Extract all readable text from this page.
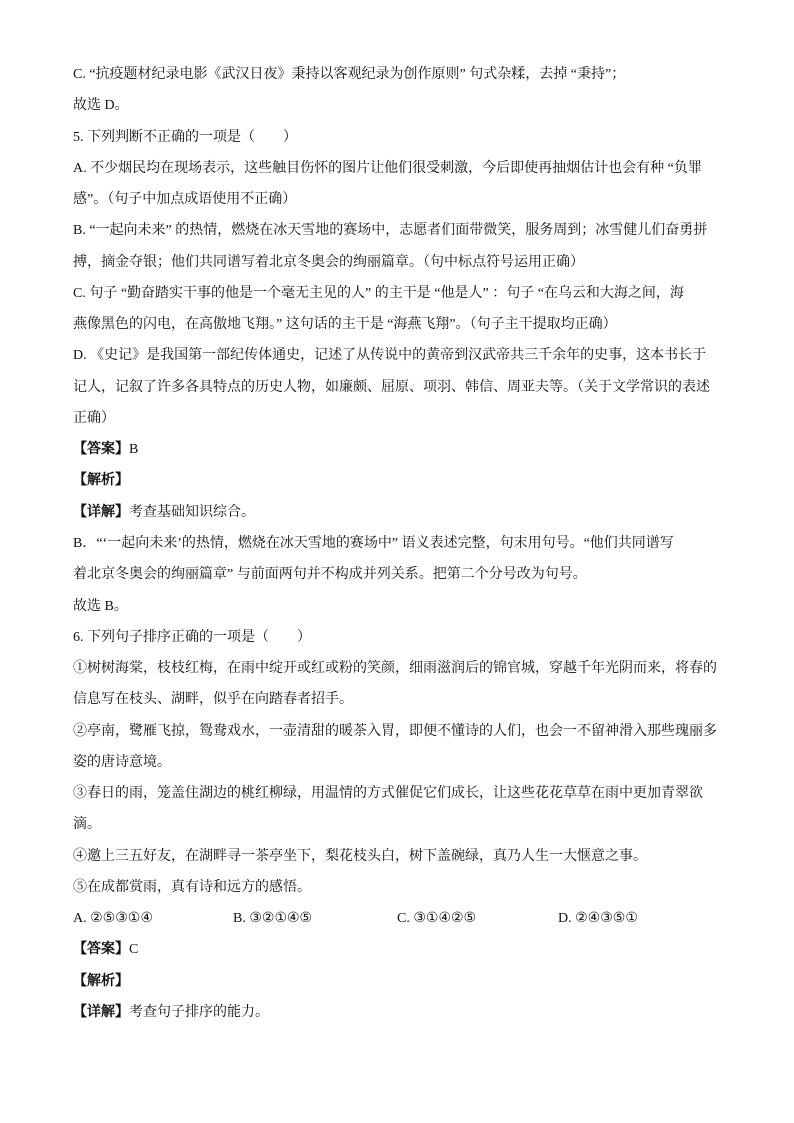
C. “抗疫题材纪录电影《武汉日夜》秉持以客观纪录为创作原则” 句式杂糅，去掉 “秉持”；
故选 D。
5. 下列判断不正确的一项是（　　）
A. 不少烟民均在现场表示，这些触目伤怀的图片让他们很受刺激，今后即使再抽烟估计也会有种 “负罪
感”。（句子中加点成语使用不正确）
B. “一起向未来” 的热情，燃烧在冰天雪地的赛场中，志愿者们面带微笑，服务周到；冰雪健儿们奋勇拼
搏，摘金夺银；他们共同谱写着北京冬奥会的绚丽篇章。（句中标点符号运用正确）
C. 句子 “勤奋踏实干事的他是一个毫无主见的人” 的主干是 “他是人” ：句子 “在乌云和大海之间，海
燕像黑色的闪电，在高傲地飞翔。” 这句话的主干是 “海燕飞翔”。（句子主干提取均正确）
D. 《史记》是我国第一部纪传体通史，记述了从传说中的黄帝到汉武帝共三千余年的史事，这本书长于
记人，记叙了许多各具特点的历史人物，如廉颇、屈原、项羽、韩信、周亚夫等。（关于文学常识的表述
正确）
【答案】B
【解析】
【详解】考查基础知识综合。
B．“‘一起向未来’的热情，燃烧在冰天雪地的赛场中” 语义表述完整，句末用句号。“他们共同谱写
着北京冬奥会的绚丽篇章” 与前面两句并不构成并列关系。把第二个分号改为句号。
故选 B。
6. 下列句子排序正确的一项是（　　）
①树树海棠，枝枝红梅，在雨中绽开或红或粉的笑颜，细雨滋润后的锦官城，穿越千年光阴而来，将春的
信息写在枝头、湖畔，似乎在向踏春者招手。
②亭南，鹭雁飞掠，鸳鸯戏水，一壶清甜的暖茶入胃，即便不懂诗的人们，也会一不留神滑入那些瑰丽多
姿的唐诗意境。
③春日的雨，笼盖住湖边的桃红柳绿，用温情的方式催促它们成长，让这些花花草草在雨中更加青翠欲
滴。
④邀上三五好友，在湖畔寻一茶亭坐下，梨花枝头白，树下盖碗绿，真乃人生一大惬意之事。
⑤在成都赏雨，真有诗和远方的感悟。
A. ②⑤③①④	B. ③②①④⑤	C. ③①④②⑤	D. ②④③⑤①
【答案】C
【解析】
【详解】考查句子排序的能力。
